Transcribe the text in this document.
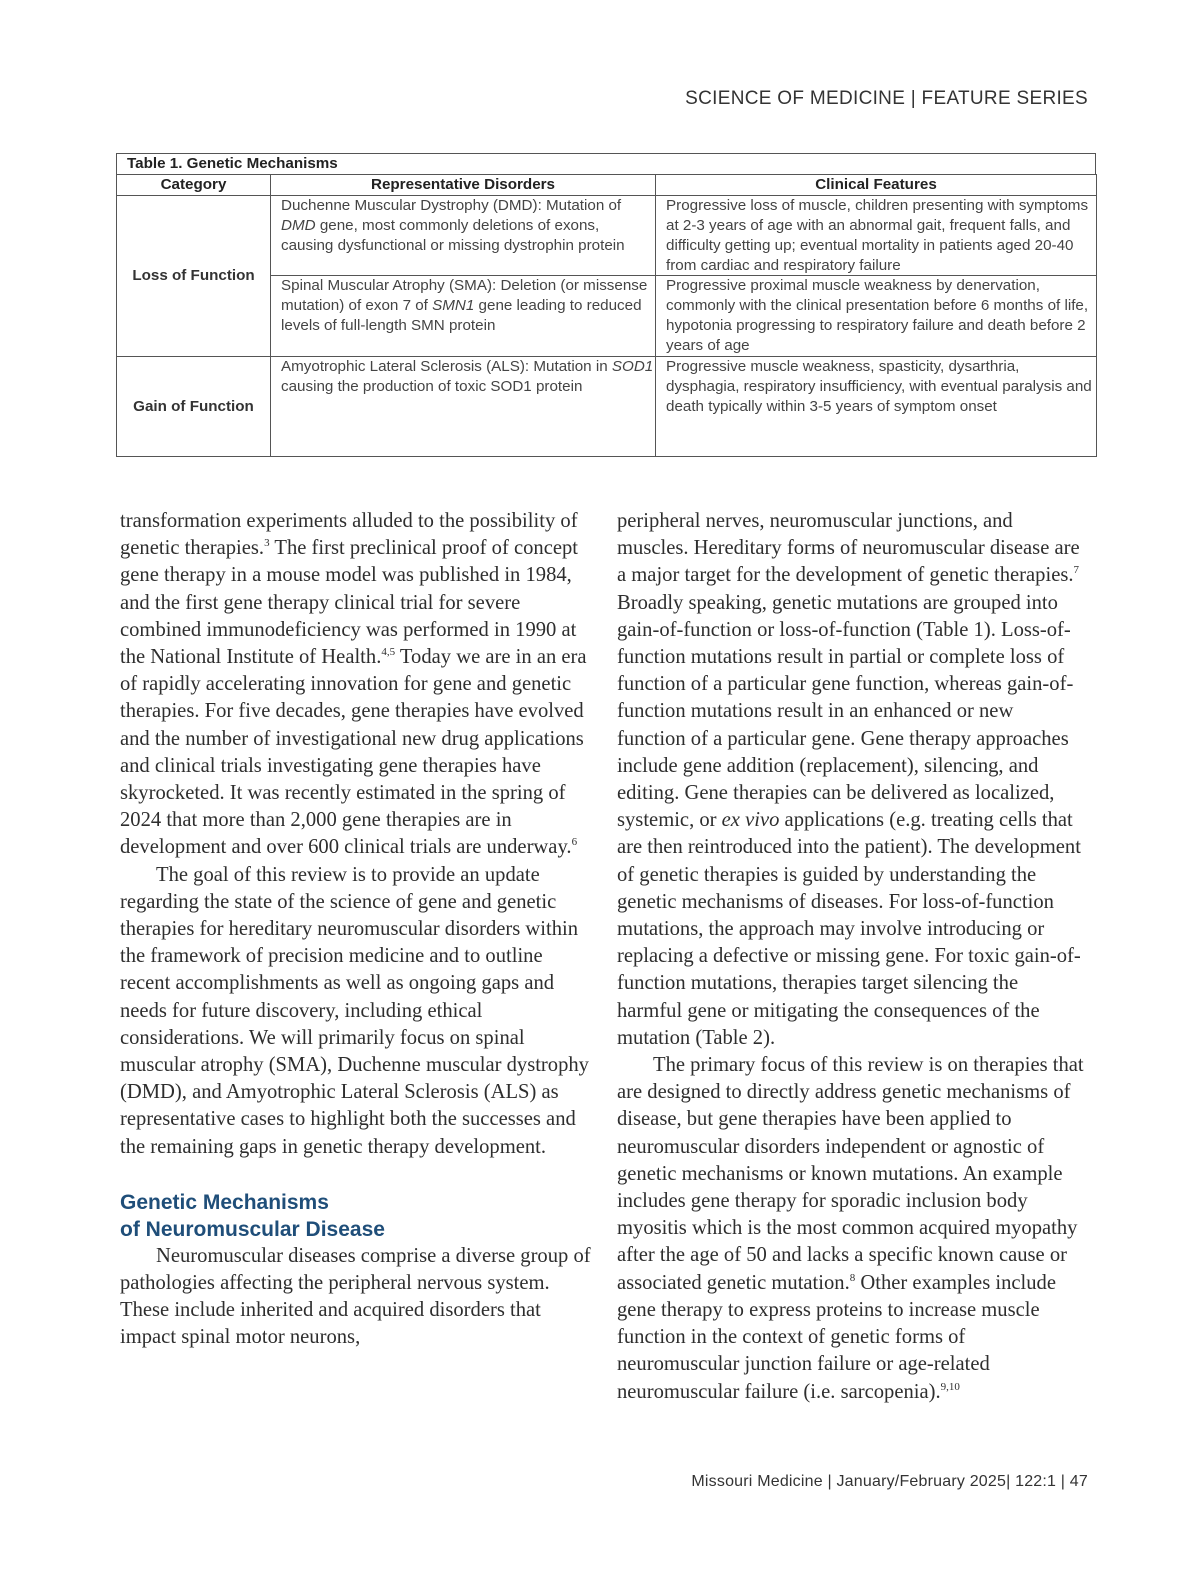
SCIENCE OF MEDICINE | FEATURE SERIES
Table 1. Genetic Mechanisms
Category	Representative Disorders	Clinical Features
Loss of Function	Duchenne Muscular Dystrophy (DMD): Mutation of DMD gene, most commonly deletions of exons, causing dysfunctional or missing dystrophin protein	Progressive loss of muscle, children presenting with symptoms at 2-3 years of age with an abnormal gait, frequent falls, and difficulty getting up; eventual mortality in patients aged 20-40 from cardiac and respiratory failure
	Spinal Muscular Atrophy (SMA): Deletion (or missense mutation) of exon 7 of SMN1 gene leading to reduced levels of full-length SMN protein	Progressive proximal muscle weakness by denervation, commonly with the clinical presentation before 6 months of life, hypotonia progressing to respiratory failure and death before 2 years of age
Gain of Function	Amyotrophic Lateral Sclerosis (ALS): Mutation in SOD1 causing the production of toxic SOD1 protein	Progressive muscle weakness, spasticity, dysarthria, dysphagia, respiratory insufficiency, with eventual paralysis and death typically within 3-5 years of symptom onset

transformation experiments alluded to the possibility of genetic therapies.$^3$ The first preclinical proof of concept gene therapy in a mouse model was published in 1984, and the first gene therapy clinical trial for severe combined immunodeficiency was performed in 1990 at the National Institute of Health.$^{4,5}$ Today we are in an era of rapidly accelerating innovation for gene and genetic therapies. For five decades, gene therapies have evolved and the number of investigational new drug applications and clinical trials investigating gene therapies have skyrocketed. It was recently estimated in the spring of 2024 that more than 2,000 gene therapies are in development and over 600 clinical trials are underway.$^6$

The goal of this review is to provide an update regarding the state of the science of gene and genetic therapies for hereditary neuromuscular disorders within the framework of precision medicine and to outline recent accomplishments as well as ongoing gaps and needs for future discovery, including ethical considerations. We will primarily focus on spinal muscular atrophy (SMA), Duchenne muscular dystrophy (DMD), and Amyotrophic Lateral Sclerosis (ALS) as representative cases to highlight both the successes and the remaining gaps in genetic therapy development.

Genetic Mechanisms
of Neuromuscular Disease

Neuromuscular diseases comprise a diverse group of pathologies affecting the peripheral nervous system. These include inherited and acquired disorders that impact spinal motor neurons,

peripheral nerves, neuromuscular junctions, and muscles. Hereditary forms of neuromuscular disease are a major target for the development of genetic therapies.$^7$ Broadly speaking, genetic mutations are grouped into gain-of-function or loss-of-function (Table 1). Loss-of-function mutations result in partial or complete loss of function of a particular gene function, whereas gain-of-function mutations result in an enhanced or new function of a particular gene. Gene therapy approaches include gene addition (replacement), silencing, and editing. Gene therapies can be delivered as localized, systemic, or ex vivo applications (e.g. treating cells that are then reintroduced into the patient). The development of genetic therapies is guided by understanding the genetic mechanisms of diseases. For loss-of-function mutations, the approach may involve introducing or replacing a defective or missing gene. For toxic gain-of-function mutations, therapies target silencing the harmful gene or mitigating the consequences of the mutation (Table 2).

The primary focus of this review is on therapies that are designed to directly address genetic mechanisms of disease, but gene therapies have been applied to neuromuscular disorders independent or agnostic of genetic mechanisms or known mutations. An example includes gene therapy for sporadic inclusion body myositis which is the most common acquired myopathy after the age of 50 and lacks a specific known cause or associated genetic mutation.$^8$ Other examples include gene therapy to express proteins to increase muscle function in the context of genetic forms of neuromuscular junction failure or age-related neuromuscular failure (i.e. sarcopenia).$^{9,10}$

Missouri Medicine | January/February 2025| 122:1 | 47
